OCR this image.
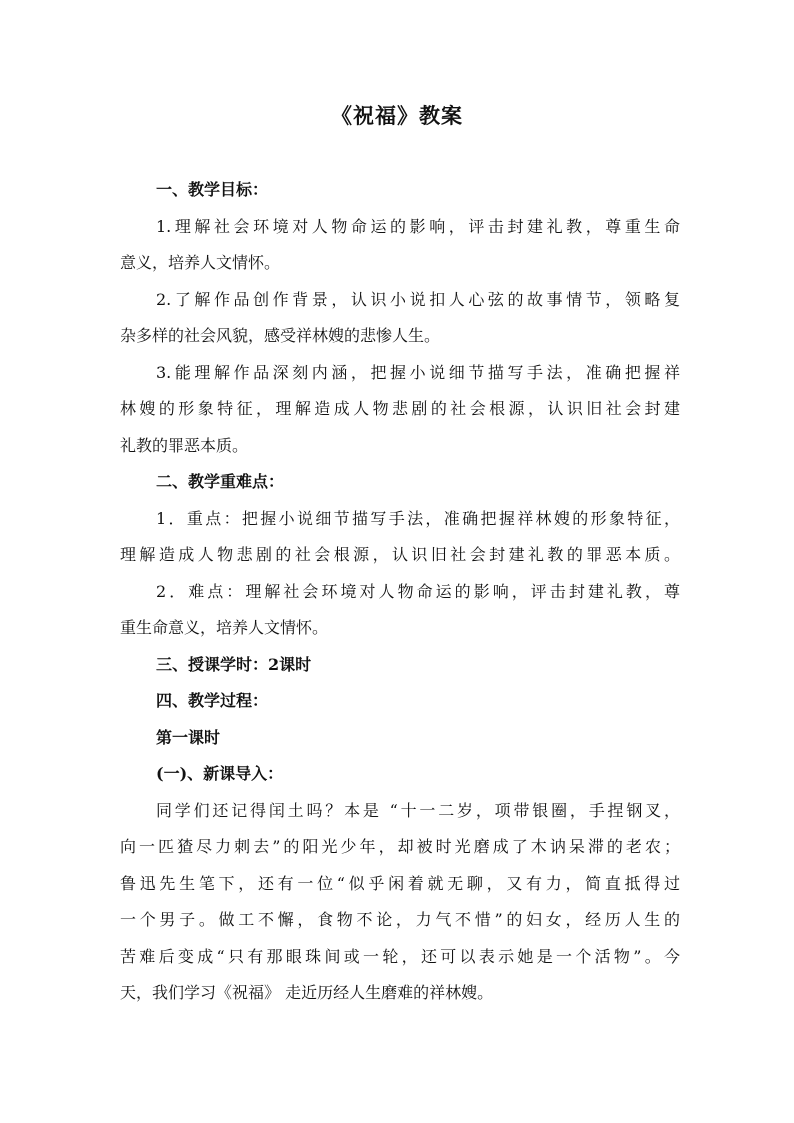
《祝福》教案
一、教学目标：
1.理解社会环境对人物命运的影响，评击封建礼教，尊重生命
意义，培养人文情怀。
2.了解作品创作背景，认识小说扣人心弦的故事情节，领略复
杂多样的社会风貌，感受祥林嫂的悲惨人生。
3.能理解作品深刻内涵，把握小说细节描写手法，准确把握祥
林嫂的形象特征，理解造成人物悲剧的社会根源，认识旧社会封建
礼教的罪恶本质。
二、教学重难点：
1．重点：把握小说细节描写手法，准确把握祥林嫂的形象特征，
理解造成人物悲剧的社会根源，认识旧社会封建礼教的罪恶本质。
2．难点：理解社会环境对人物命运的影响，评击封建礼教，尊
重生命意义，培养人文情怀。
三、授课学时：2课时
四、教学过程：
第一课时
(一)、新课导入：
同学们还记得闰土吗？本是 “十一二岁，项带银圈，手捏钢叉，
向一匹猹尽力刺去”的阳光少年，却被时光磨成了木讷呆滞的老农；
鲁迅先生笔下，还有一位“似乎闲着就无聊，又有力，简直抵得过
一个男子。做工不懈，食物不论，力气不惜”的妇女，经历人生的
苦难后变成“只有那眼珠间或一轮，还可以表示她是一个活物”。今
天，我们学习《祝福》 走近历经人生磨难的祥林嫂。
